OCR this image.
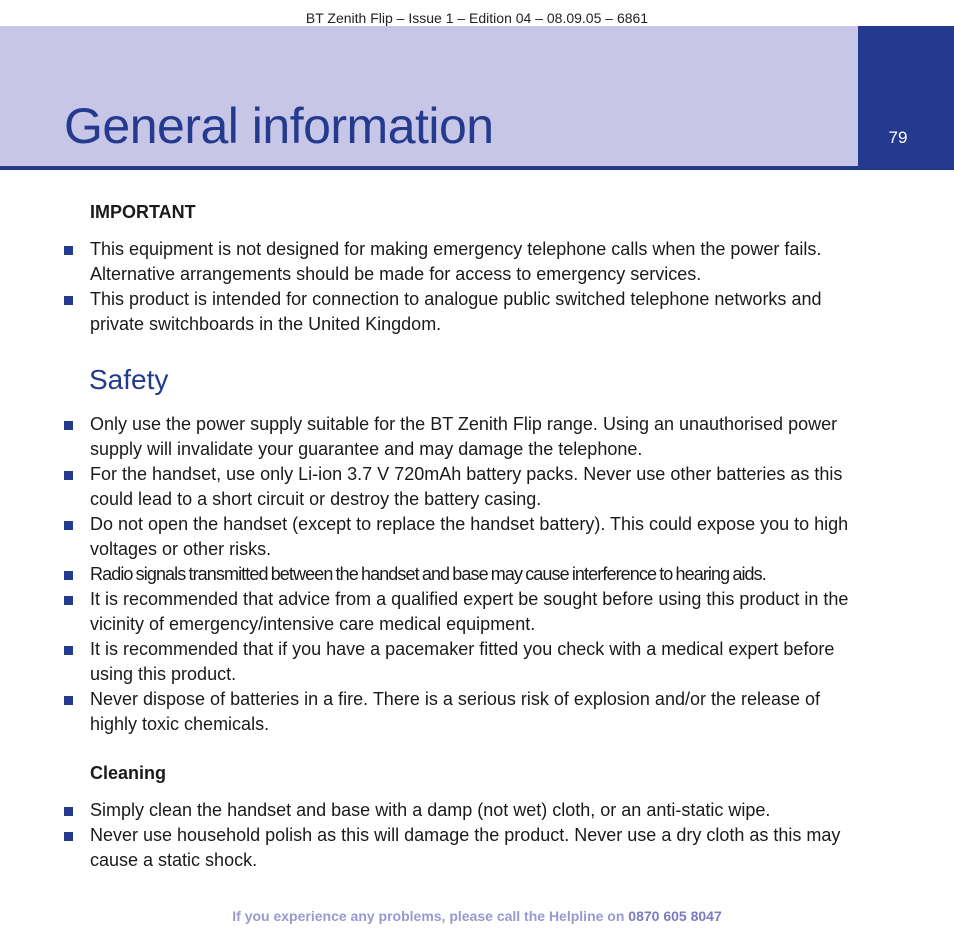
BT Zenith Flip – Issue 1 – Edition 04 – 08.09.05 – 6861
79
General information
IMPORTANT
This equipment is not designed for making emergency telephone calls when the power fails. Alternative arrangements should be made for access to emergency services.
This product is intended for connection to analogue public switched telephone networks and private switchboards in the United Kingdom.
Safety
Only use the power supply suitable for the BT Zenith Flip range. Using an unauthorised power supply will invalidate your guarantee and may damage the telephone.
For the handset, use only Li-ion 3.7 V 720mAh battery packs. Never use other batteries as this could lead to a short circuit or destroy the battery casing.
Do not open the handset (except to replace the handset battery). This could expose you to high voltages or other risks.
Radio signals transmitted between the handset and base may cause interference to hearing aids.
It is recommended that advice from a qualified expert be sought before using this product in the vicinity of emergency/intensive care medical equipment.
It is recommended that if you have a pacemaker fitted you check with a medical expert before using this product.
Never dispose of batteries in a fire. There is a serious risk of explosion and/or the release of highly toxic chemicals.
Cleaning
Simply clean the handset and base with a damp (not wet) cloth, or an anti-static wipe.
Never use household polish as this will damage the product. Never use a dry cloth as this may cause a static shock.
If you experience any problems, please call the Helpline on 0870 605 8047
